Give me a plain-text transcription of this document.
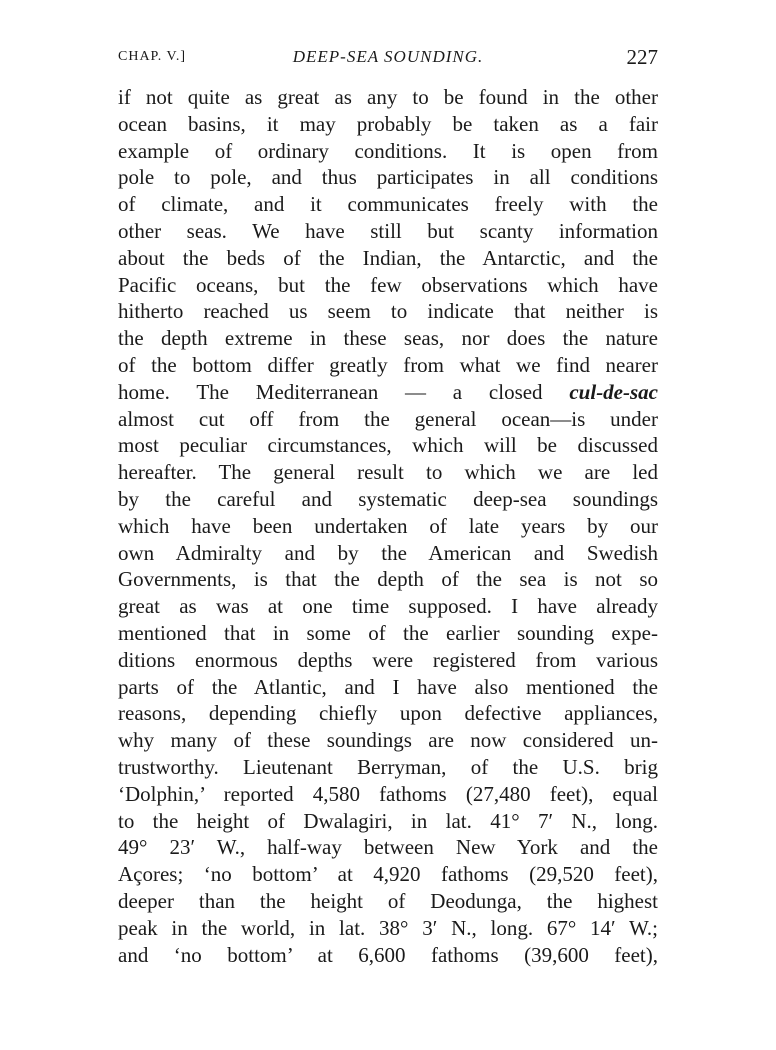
CHAP. V.]	DEEP-SEA SOUNDING.	227
if not quite as great as any to be found in the other
ocean basins, it may probably be taken as a fair
example of ordinary conditions. It is open from
pole to pole, and thus participates in all conditions
of climate, and it communicates freely with the
other seas. We have still but scanty information
about the beds of the Indian, the Antarctic, and the
Pacific oceans, but the few observations which have
hitherto reached us seem to indicate that neither is
the depth extreme in these seas, nor does the nature
of the bottom differ greatly from what we find nearer
home. The Mediterranean — a closed cul-de-sac
almost cut off from the general ocean—is under
most peculiar circumstances, which will be discussed
hereafter. The general result to which we are led
by the careful and systematic deep-sea soundings
which have been undertaken of late years by our
own Admiralty and by the American and Swedish
Governments, is that the depth of the sea is not so
great as was at one time supposed. I have already
mentioned that in some of the earlier sounding expe-
ditions enormous depths were registered from various
parts of the Atlantic, and I have also mentioned the
reasons, depending chiefly upon defective appliances,
why many of these soundings are now considered un-
trustworthy. Lieutenant Berryman, of the U.S. brig
‘Dolphin,’ reported 4,580 fathoms (27,480 feet), equal
to the height of Dwalagiri, in lat. 41° 7′ N., long.
49° 23′ W., half-way between New York and the
Açores; ‘no bottom’ at 4,920 fathoms (29,520 feet),
deeper than the height of Deodunga, the highest
peak in the world, in lat. 38° 3′ N., long. 67° 14′ W.;
and ‘no bottom’ at 6,600 fathoms (39,600 feet),
